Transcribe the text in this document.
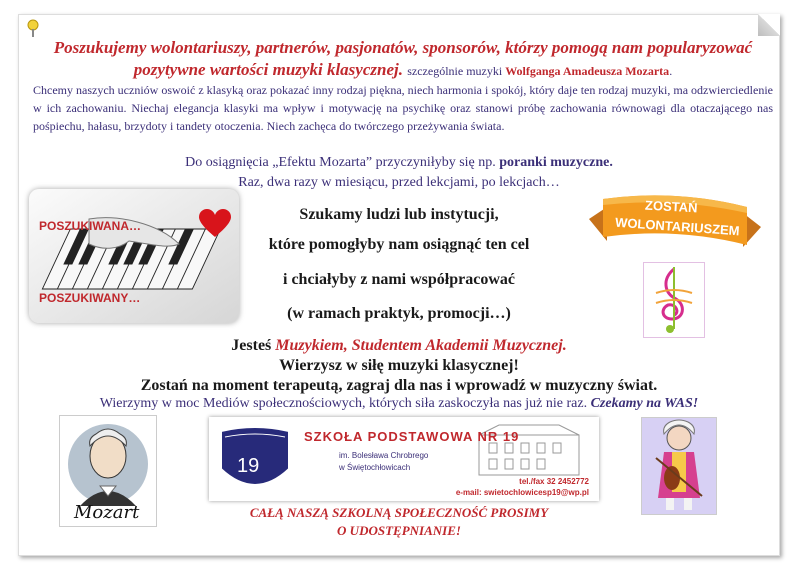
Poszukujemy wolontariuszy, partnerów, pasjonatów, sponsorów, którzy pomogą nam popularyzować pozytywne wartości muzyki klasycznej. szczególnie muzyki Wolfganga Amadeusza Mozarta.
Chcemy naszych uczniów oswoić z klasyką oraz pokazać inny rodzaj piękna, niech harmonia i spokój, który daje ten rodzaj muzyki, ma odzwierciedlenie w ich zachowaniu. Niechaj elegancja klasyki ma wpływ i motywację na psychikę oraz stanowi próbę zachowania równowagi dla otaczającego nas pośpiechu, hałasu, brzydoty i tandety otoczenia. Niech zachęca do twórczego przeżywania świata.
Do osiągnięcia „Efektu Mozarta” przyczyniłyby się np. poranki muzyczne.
Raz, dwa razy w miesiącu, przed lekcjami, po lekcjach…
POSZUKIWANA…
POSZUKIWANY…
Szukamy ludzi lub instytucji,
które pomogłyby nam osiągnąć ten cel
i chciałyby z nami współpracować
(w ramach praktyk, promocji…)
ZOSTAŃ
WOLONTARIUSZEM
Jesteś Muzykiem, Studentem Akademii Muzycznej.
Wierzysz w siłę muzyki klasycznej!
Zostań na moment terapeutą, zagraj dla nas i wprowadź w muzyczny świat.
Wierzymy w moc Mediów społecznościowych, których siła zaskoczyła nas już nie raz. Czekamy na WAS!
Mozart
19
SZKOŁA PODSTAWOWA NR 19
im. Bolesława Chrobrego
w Świętochłowicach
tel./fax 32 2452772
e-mail: swietochlowicesp19@wp.pl
CAŁĄ NASZĄ SZKOLNĄ SPOŁECZNOŚĆ PROSIMY
O UDOSTĘPNIANIE!
